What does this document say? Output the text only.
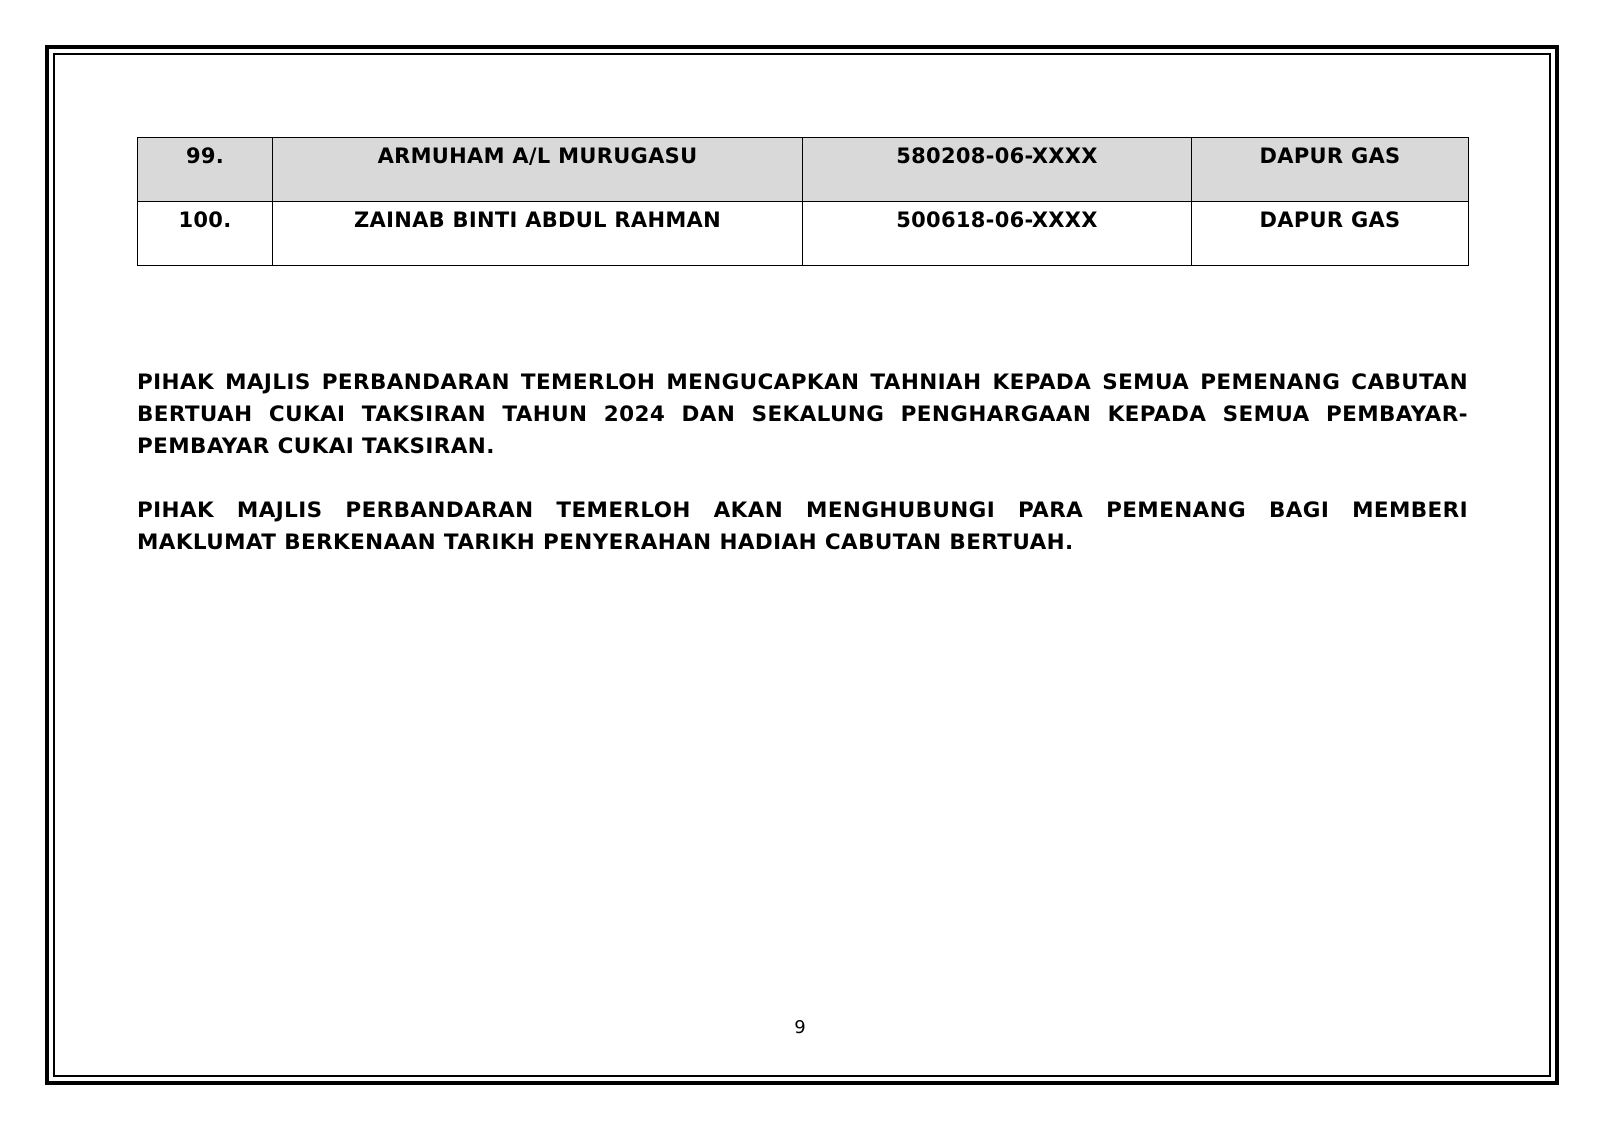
99.	ARMUHAM A/L MURUGASU	580208-06-XXXX	DAPUR GAS
100.	ZAINAB BINTI ABDUL RAHMAN	500618-06-XXXX	DAPUR GAS

PIHAK MAJLIS PERBANDARAN TEMERLOH MENGUCAPKAN TAHNIAH KEPADA SEMUA PEMENANG CABUTAN BERTUAH CUKAI TAKSIRAN TAHUN 2024 DAN SEKALUNG PENGHARGAAN KEPADA SEMUA PEMBAYAR-PEMBAYAR CUKAI TAKSIRAN.

PIHAK MAJLIS PERBANDARAN TEMERLOH AKAN MENGHUBUNGI PARA PEMENANG BAGI MEMBERI MAKLUMAT BERKENAAN TARIKH PENYERAHAN HADIAH CABUTAN BERTUAH.

9
